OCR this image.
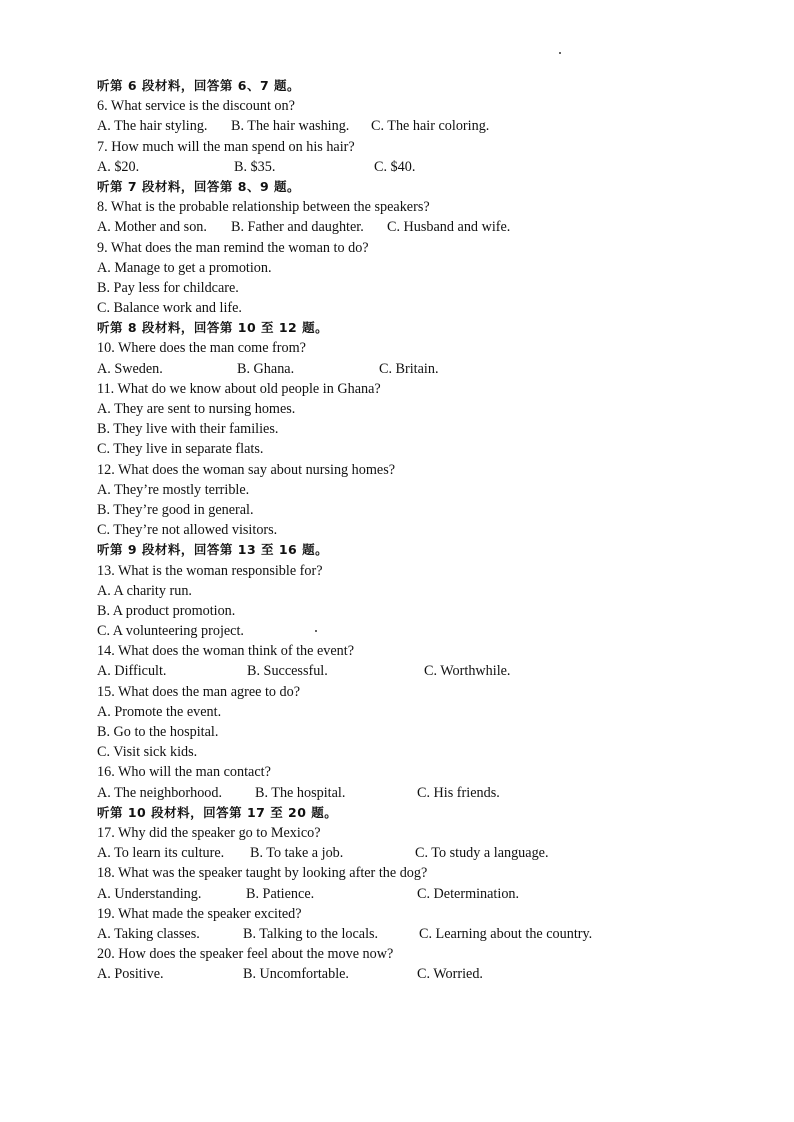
听第 6 段材料，回答第 6、7 题。
6. What service is the discount on?
A. The hair styling. B. The hair washing. C. The hair coloring.
7. How much will the man spend on his hair?
A. $20.	B. $35.	C. $40.
听第 7 段材料，回答第 8、9 题。
8. What is the probable relationship between the speakers?
A. Mother and son. B. Father and daughter. C. Husband and wife.
9. What does the man remind the woman to do?
A. Manage to get a promotion.
B. Pay less for childcare.
C. Balance work and life.
听第 8 段材料，回答第 10 至 12 题。
10. Where does the man come from?
A. Sweden.	B. Ghana.	C. Britain.
11. What do we know about old people in Ghana?
A. They are sent to nursing homes.
B. They live with their families.
C. They live in separate flats.
12. What does the woman say about nursing homes?
A. They’re mostly terrible.
B. They’re good in general.
C. They’re not allowed visitors.
听第 9 段材料，回答第 13 至 16 题。
13. What is the woman responsible for?
A. A charity run.
B. A product promotion.
C. A volunteering project.
14. What does the woman think of the event?
A. Difficult.	B. Successful.	C. Worthwhile.
15. What does the man agree to do?
A. Promote the event.
B. Go to the hospital.
C. Visit sick kids.
16. Who will the man contact?
A. The neighborhood. B. The hospital.	C. His friends.
听第 10 段材料，回答第 17 至 20 题。
17. Why did the speaker go to Mexico?
A. To learn its culture. B. To take a job.	C. To study a language.
18. What was the speaker taught by looking after the dog?
A. Understanding.	B. Patience.	C. Determination.
19. What made the speaker excited?
A. Taking classes.	B. Talking to the locals.	C. Learning about the country.
20. How does the speaker feel about the move now?
A. Positive.	B. Uncomfortable.	C. Worried.
